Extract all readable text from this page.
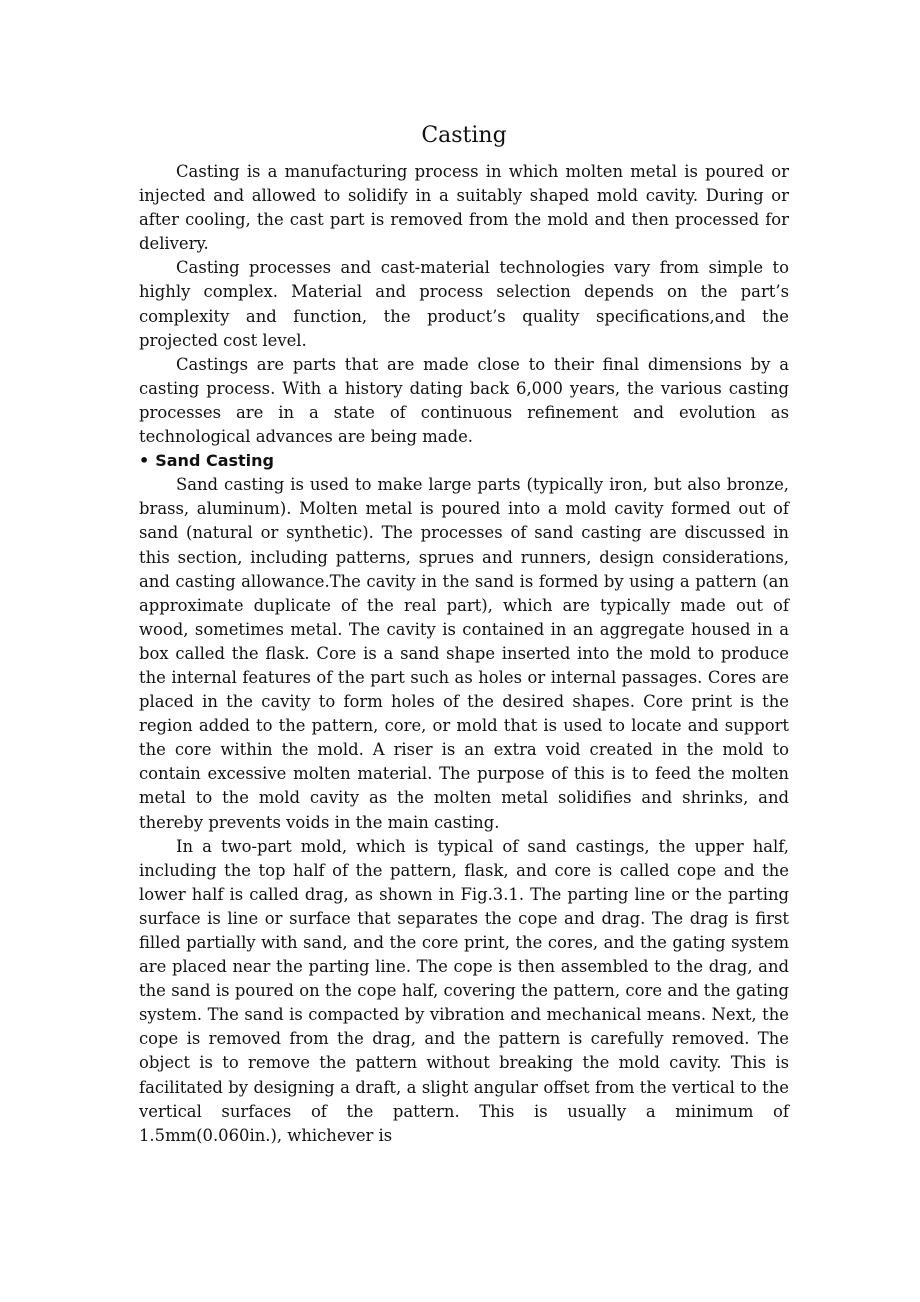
Casting

Casting is a manufacturing process in which molten metal is poured or injected and allowed to solidify in a suitably shaped mold cavity. During or after cooling, the cast part is removed from the mold and then processed for delivery.

Casting processes and cast-material technologies vary from simple to highly complex. Material and process selection depends on the part’s complexity and function, the product’s quality specifications,and the projected cost level.

Castings are parts that are made close to their final dimensions by a casting process. With a history dating back 6,000 years, the various casting processes are in a state of continuous refinement and evolution as technological advances are being made.

• Sand Casting

Sand casting is used to make large parts (typically iron, but also bronze, brass, aluminum). Molten metal is poured into a mold cavity formed out of sand (natural or synthetic). The processes of sand casting are discussed in this section, including patterns, sprues and runners, design considerations, and casting allowance.The cavity in the sand is formed by using a pattern (an approximate duplicate of the real part), which are typically made out of wood, sometimes metal. The cavity is contained in an aggregate housed in a box called the flask. Core is a sand shape inserted into the mold to produce the internal features of the part such as holes or internal passages. Cores are placed in the cavity to form holes of the desired shapes. Core print is the region added to the pattern, core, or mold that is used to locate and support the core within the mold. A riser is an extra void created in the mold to contain excessive molten material. The purpose of this is to feed the molten metal to the mold cavity as the molten metal solidifies and shrinks, and thereby prevents voids in the main casting.

In a two-part mold, which is typical of sand castings, the upper half, including the top half of the pattern, flask, and core is called cope and the lower half is called drag, as shown in Fig.3.1. The parting line or the parting surface is line or surface that separates the cope and drag. The drag is first filled partially with sand, and the core print, the cores, and the gating system are placed near the parting line. The cope is then assembled to the drag, and the sand is poured on the cope half, covering the pattern, core and the gating system. The sand is compacted by vibration and mechanical means. Next, the cope is removed from the drag, and the pattern is carefully removed. The object is to remove the pattern without breaking the mold cavity. This is facilitated by designing a draft, a slight angular offset from the vertical to the vertical surfaces of the pattern. This is usually a minimum of 1.5mm(0.060in.), whichever is
